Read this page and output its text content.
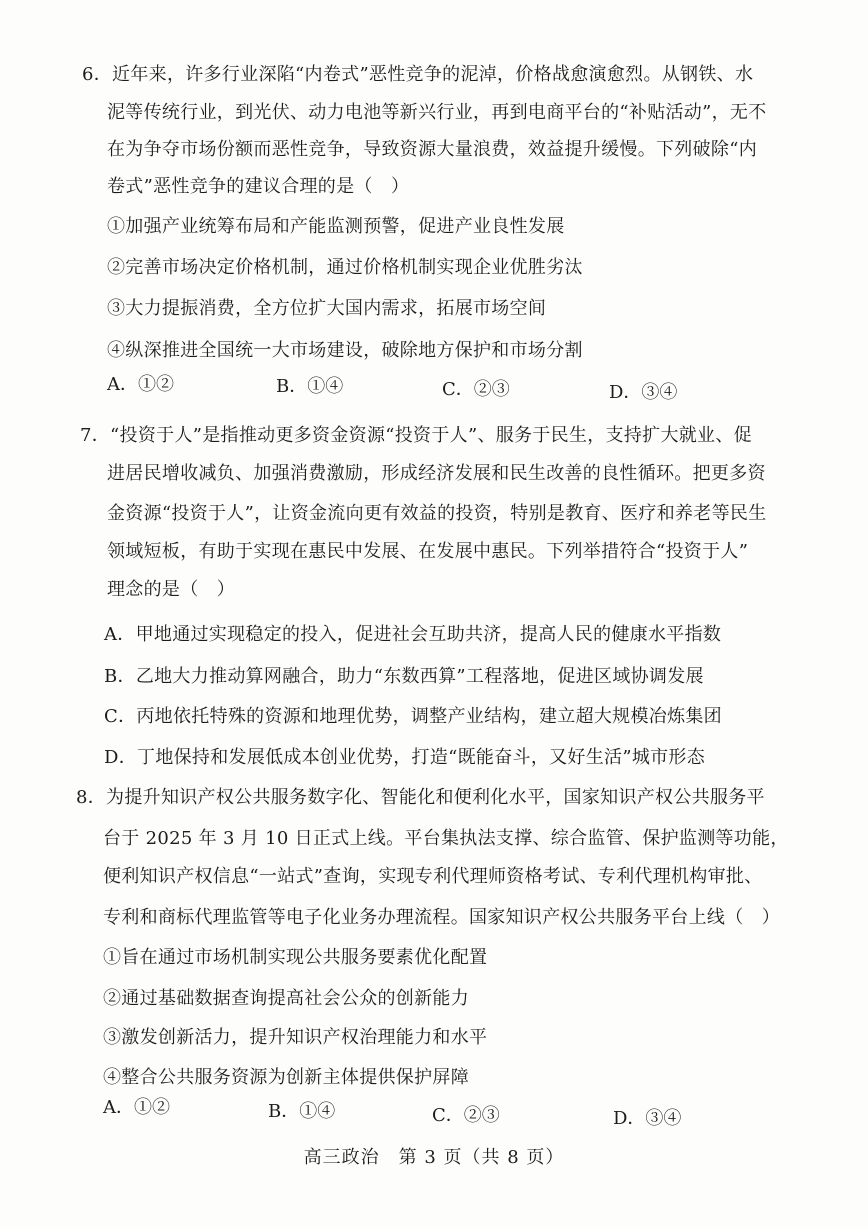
6．近年来，许多行业深陷“内卷式”恶性竞争的泥淖，价格战愈演愈烈。从钢铁、水
泥等传统行业，到光伏、动力电池等新兴行业，再到电商平台的“补贴活动”，无不
在为争夺市场份额而恶性竞争，导致资源大量浪费，效益提升缓慢。下列破除“内
卷式”恶性竞争的建议合理的是（　）
①加强产业统筹布局和产能监测预警，促进产业良性发展
②完善市场决定价格机制，通过价格机制实现企业优胜劣汰
③大力提振消费，全方位扩大国内需求，拓展市场空间
④纵深推进全国统一大市场建设，破除地方保护和市场分割
A．①②	B．①④	C．②③	D．③④
7．“投资于人”是指推动更多资金资源“投资于人”、服务于民生，支持扩大就业、促
进居民增收减负、加强消费激励，形成经济发展和民生改善的良性循环。把更多资
金资源“投资于人”，让资金流向更有效益的投资，特别是教育、医疗和养老等民生
领域短板，有助于实现在惠民中发展、在发展中惠民。下列举措符合“投资于人”
理念的是（　）
A．甲地通过实现稳定的投入，促进社会互助共济，提高人民的健康水平指数
B．乙地大力推动算网融合，助力“东数西算”工程落地，促进区域协调发展
C．丙地依托特殊的资源和地理优势，调整产业结构，建立超大规模冶炼集团
D．丁地保持和发展低成本创业优势，打造“既能奋斗，又好生活”城市形态
8．为提升知识产权公共服务数字化、智能化和便利化水平，国家知识产权公共服务平
台于 2025 年 3 月 10 日正式上线。平台集执法支撑、综合监管、保护监测等功能，
便利知识产权信息“一站式”查询，实现专利代理师资格考试、专利代理机构审批、
专利和商标代理监管等电子化业务办理流程。国家知识产权公共服务平台上线（　）
①旨在通过市场机制实现公共服务要素优化配置
②通过基础数据查询提高社会公众的创新能力
③激发创新活力，提升知识产权治理能力和水平
④整合公共服务资源为创新主体提供保护屏障
A．①②	B．①④	C．②③	D．③④
高三政治　第 3 页（共 8 页）
